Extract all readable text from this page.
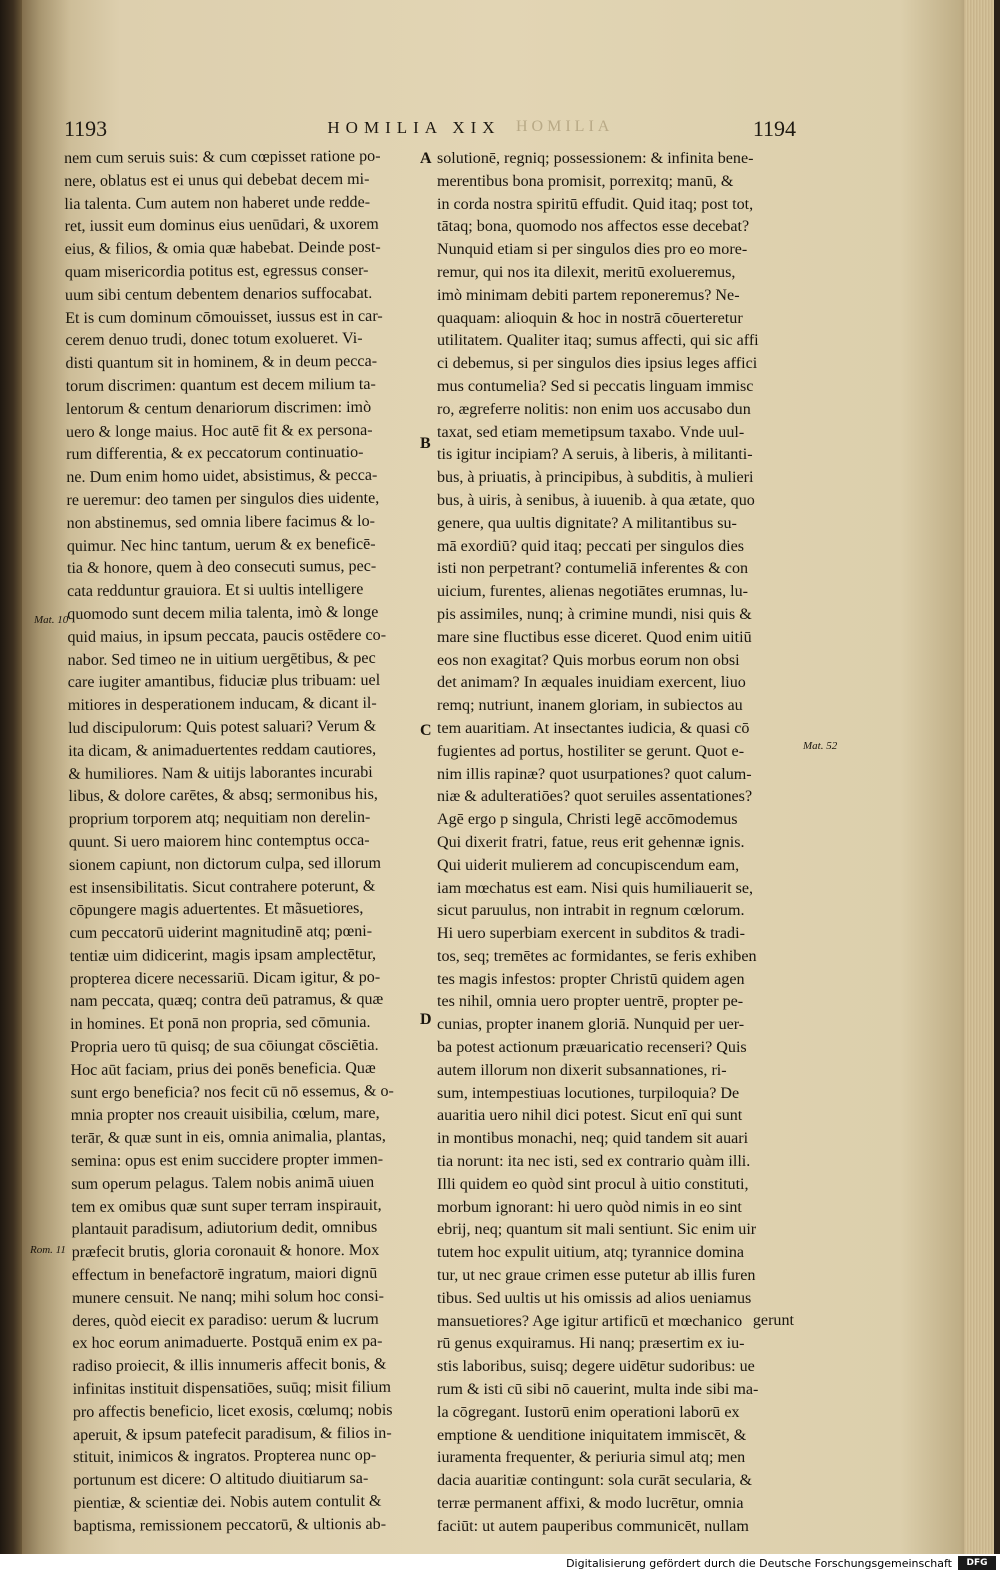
1193	HOMILIA XIX HOMILIA	1194
nem cum seruis suis: & cum cœpisset ratione po-
nere, oblatus est ei unus qui debebat decem mi-
lia talenta. Cum autem non haberet unde redde-
ret, iussit eum dominus eius uenūdari, & uxorem
eius, & filios, & omia quæ habebat. Deinde post-
quam misericordia potitus est, egressus conser-
uum sibi centum debentem denarios suffocabat.
Et is cum dominum cōmouisset, iussus est in car-
cerem denuo trudi, donec totum exolueret. Vi-
disti quantum sit in hominem, & in deum pecca-
torum discrimen: quantum est decem milium ta-
lentorum & centum denariorum discrimen: imò
uero & longe maius. Hoc autē fit & ex persona-
rum differentia, & ex peccatorum continuatio-
ne. Dum enim homo uidet, absistimus, & pecca-
re ueremur: deo tamen per singulos dies uidente,
non abstinemus, sed omnia libere facimus & lo-
quimur. Nec hinc tantum, uerum & ex beneficē-
tia & honore, quem à deo consecuti sumus, pec-
cata redduntur grauiora. Et si uultis intelligere
quomodo sunt decem milia talenta, imò & longe
quid maius, in ipsum peccata, paucis ostēdere co-
nabor. Sed timeo ne in uitium uergētibus, & pec
care iugiter amantibus, fiduciæ plus tribuam: uel
mitiores in desperationem inducam, & dicant il-
lud discipulorum: Quis potest saluari? Verum &
ita dicam, & animaduertentes reddam cautiores,
& humiliores. Nam & uitijs laborantes incurabi
libus, & dolore carētes, & absq; sermonibus his,
proprium torporem atq; nequitiam non derelin-
quunt. Si uero maiorem hinc contemptus occa-
sionem capiunt, non dictorum culpa, sed illorum
est insensibilitatis. Sicut contrahere poterunt, &
cōpungere magis aduertentes. Et mãsuetiores,
cum peccatorū uiderint magnitudinē atq; pœni-
tentiæ uim didicerint, magis ipsam amplectētur,
propterea dicere necessariū. Dicam igitur, & po-
nam peccata, quæq; contra deū patramus, & quæ
in homines. Et ponā non propria, sed cōmunia.
Propria uero tū quisq; de sua cōiungat cōsciētia.
Hoc aūt faciam, prius dei ponēs beneficia. Quæ
sunt ergo beneficia? nos fecit cū nō essemus, & o-
mnia propter nos creauit uisibilia, cœlum, mare,
terār, & quæ sunt in eis, omnia animalia, plantas,
semina: opus est enim succidere propter immen-
sum operum pelagus. Talem nobis animā uiuen
tem ex omibus quæ sunt super terram inspirauit,
plantauit paradisum, adiutorium dedit, omnibus
præfecit brutis, gloria coronauit & honore. Mox
effectum in benefactorē ingratum, maiori dignū
munere censuit. Ne nanq; mihi solum hoc consi-
deres, quòd eiecit ex paradiso: uerum & lucrum
ex hoc eorum animaduerte. Postquā enim ex pa-
radiso proiecit, & illis innumeris affecit bonis, &
infinitas instituit dispensatiōes, suūq; misit filium
pro affectis beneficio, licet exosis, cœlumq; nobis
aperuit, & ipsum patefecit paradisum, & filios in-
stituit, inimicos & ingratos. Propterea nunc op-
portunum est dicere: O altitudo diuitiarum sa-
pientiæ, & scientiæ dei. Nobis autem contulit &
baptisma, remissionem peccatorū, & ultionis ab-
solutionē, regniq; possessionem: & infinita bene-
merentibus bona promisit, porrexitq; manū, &
in corda nostra spiritū effudit. Quid itaq; post tot,
tātaq; bona, quomodo nos affectos esse decebat?
Nunquid etiam si per singulos dies pro eo more-
remur, qui nos ita dilexit, meritū exolueremus,
imò minimam debiti partem reponeremus? Ne-
quaquam: alioquin & hoc in nostrā cōuerteretur
utilitatem. Qualiter itaq; sumus affecti, qui sic affi
ci debemus, si per singulos dies ipsius leges affici
mus contumelia? Sed si peccatis linguam immisc
ro, ægreferre nolitis: non enim uos accusabo dun
taxat, sed etiam memetipsum taxabo. Vnde uul-
tis igitur incipiam? A seruis, à liberis, à militanti-
bus, à priuatis, à principibus, à subditis, à mulieri
bus, à uiris, à senibus, à iuuenib. à qua ætate, quo
genere, qua uultis dignitate? A militantibus su-
mā exordiū? quid itaq; peccati per singulos dies
isti non perpetrant? contumeliā inferentes & con
uicium, furentes, alienas negotiātes erumnas, lu-
pis assimiles, nunq; à crimine mundi, nisi quis &
mare sine fluctibus esse diceret. Quod enim uitiū
eos non exagitat? Quis morbus eorum non obsi
det animam? In æquales inuidiam exercent, liuo
remq; nutriunt, inanem gloriam, in subiectos au
tem auaritiam. At insectantes iudicia, & quasi cō
fugientes ad portus, hostiliter se gerunt. Quot e-
nim illis rapinæ? quot usurpationes? quot calum-
niæ & adulteratiōes? quot seruiles assentationes?
Agē ergo p singula, Christi legē accōmodemus
Qui dixerit fratri, fatue, reus erit gehennæ ignis.
Qui uiderit mulierem ad concupiscendum eam,
iam mœchatus est eam. Nisi quis humiliauerit se,
sicut paruulus, non intrabit in regnum cœlorum.
Hi uero superbiam exercent in subditos & tradi-
tos, seq; tremētes ac formidantes, se feris exhiben
tes magis infestos: propter Christū quidem agen
tes nihil, omnia uero propter uentrē, propter pe-
cunias, propter inanem gloriā. Nunquid per uer-
ba potest actionum præuaricatio recenseri? Quis
autem illorum non dixerit subsannationes, ri-
sum, intempestiuas locutiones, turpiloquia? De
auaritia uero nihil dici potest. Sicut enī qui sunt
in montibus monachi, neq; quid tandem sit auari
tia norunt: ita nec isti, sed ex contrario quàm illi.
Illi quidem eo quòd sint procul à uitio constituti,
morbum ignorant: hi uero quòd nimis in eo sint
ebrij, neq; quantum sit mali sentiunt. Sic enim uir
tutem hoc expulit uitium, atq; tyrannice domina
tur, ut nec graue crimen esse putetur ab illis furen
tibus. Sed uultis ut his omissis ad alios ueniamus
mansuetiores? Age igitur artificū et mœchanico
rū genus exquiramus. Hi nanq; præsertim ex iu-
stis laboribus, suisq; degere uidētur sudoribus: ue
rum & isti cū sibi nō cauerint, multa inde sibi ma-
la cōgregant. Iustorū enim operationi laborū ex
emptione & uenditione iniquitatem immiscēt, &
iuramenta frequenter, & periuria simul atq; men
dacia auaritiæ contingunt: sola curāt secularia, &
terræ permanent affixi, & modo lucrētur, omnia
faciūt: ut autem pauperibus communicēt, nullam
A
B
C
D
Mat. 10
Mat. 52
Rom. 11
gerunt
Digitalisierung gefördert durch die Deutsche Forschungsgemeinschaft	DFG
